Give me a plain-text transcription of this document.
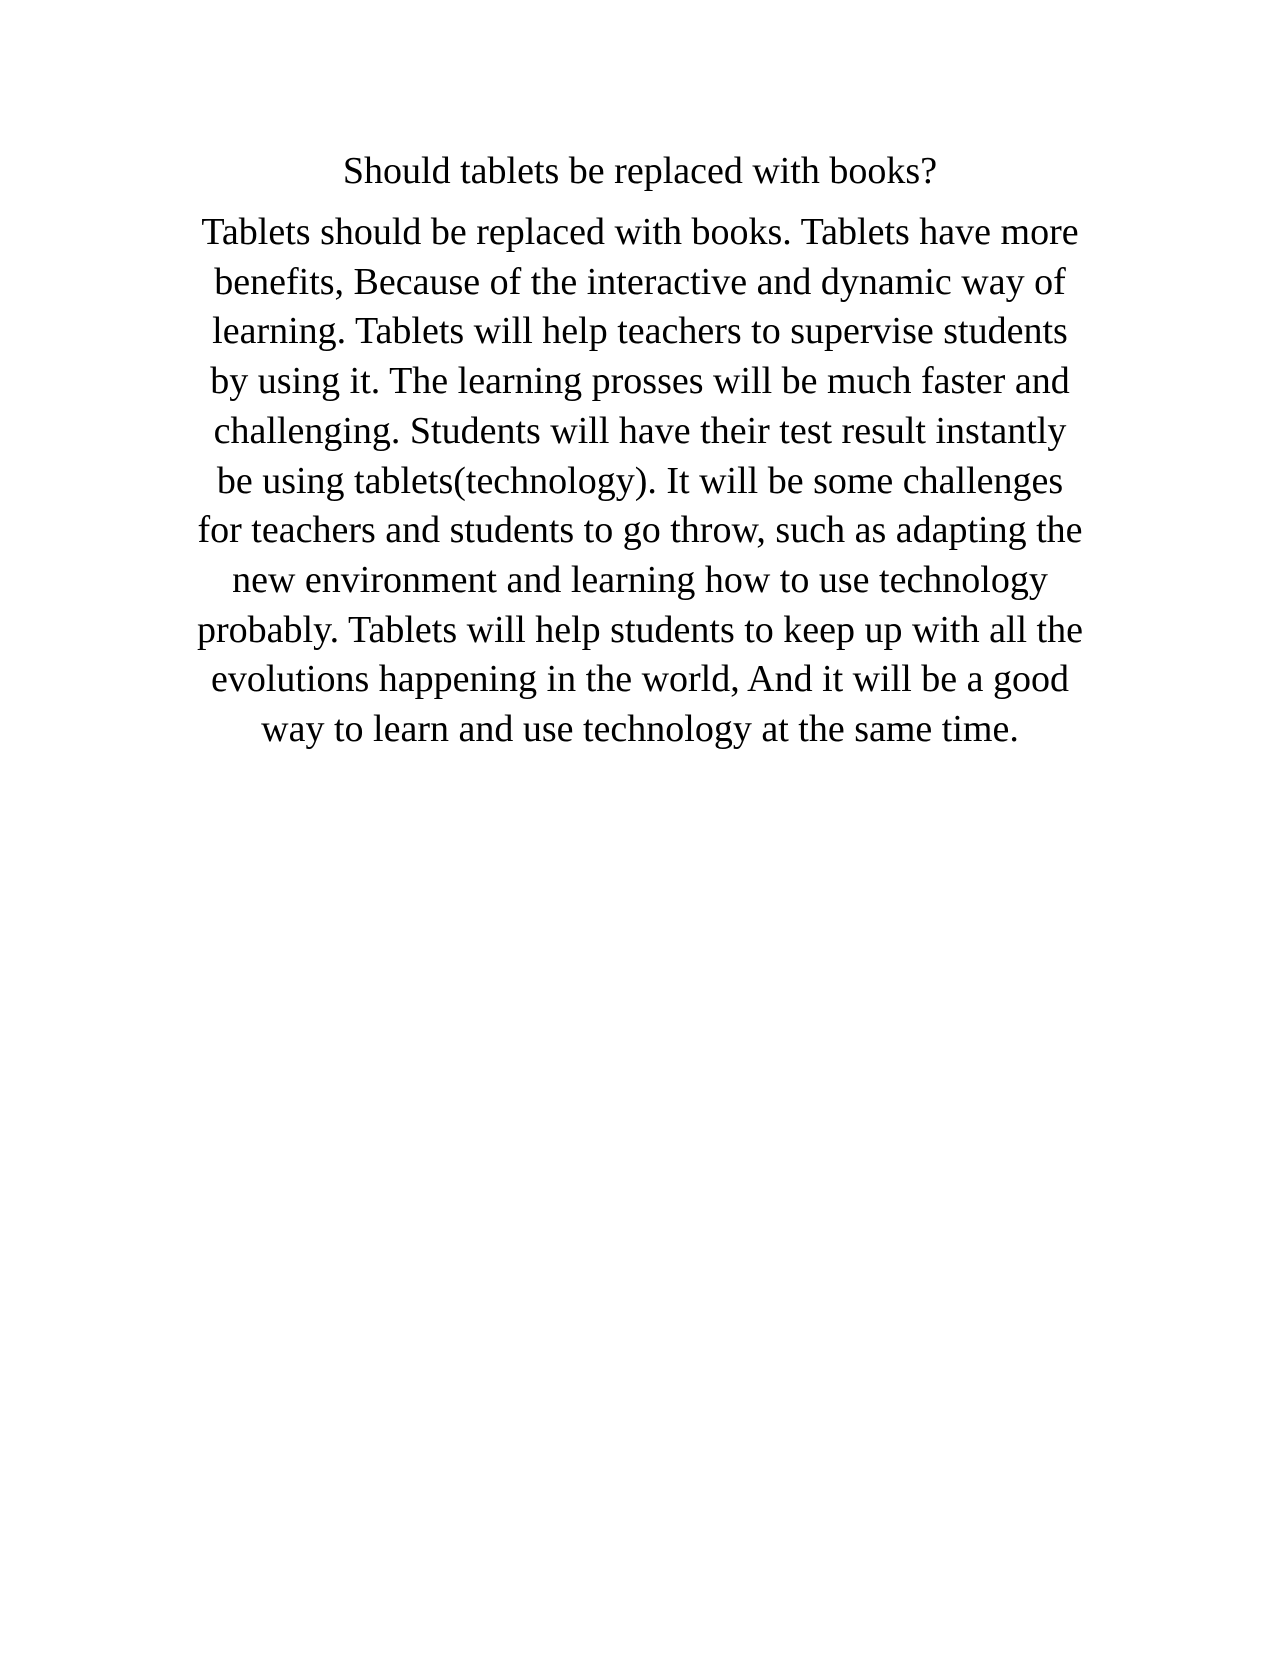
Should tablets be replaced with books?
Tablets should be replaced with books. Tablets have more
benefits, Because of the interactive and dynamic way of
learning. Tablets will help teachers to supervise students
by using it. The learning prosses will be much faster and
challenging. Students will have their test result instantly
be using tablets(technology). It will be some challenges
for teachers and students to go throw, such as adapting the
new environment and learning how to use technology
probably. Tablets will help students to keep up with all the
evolutions happening in the world, And it will be a good
way to learn and use technology at the same time.
